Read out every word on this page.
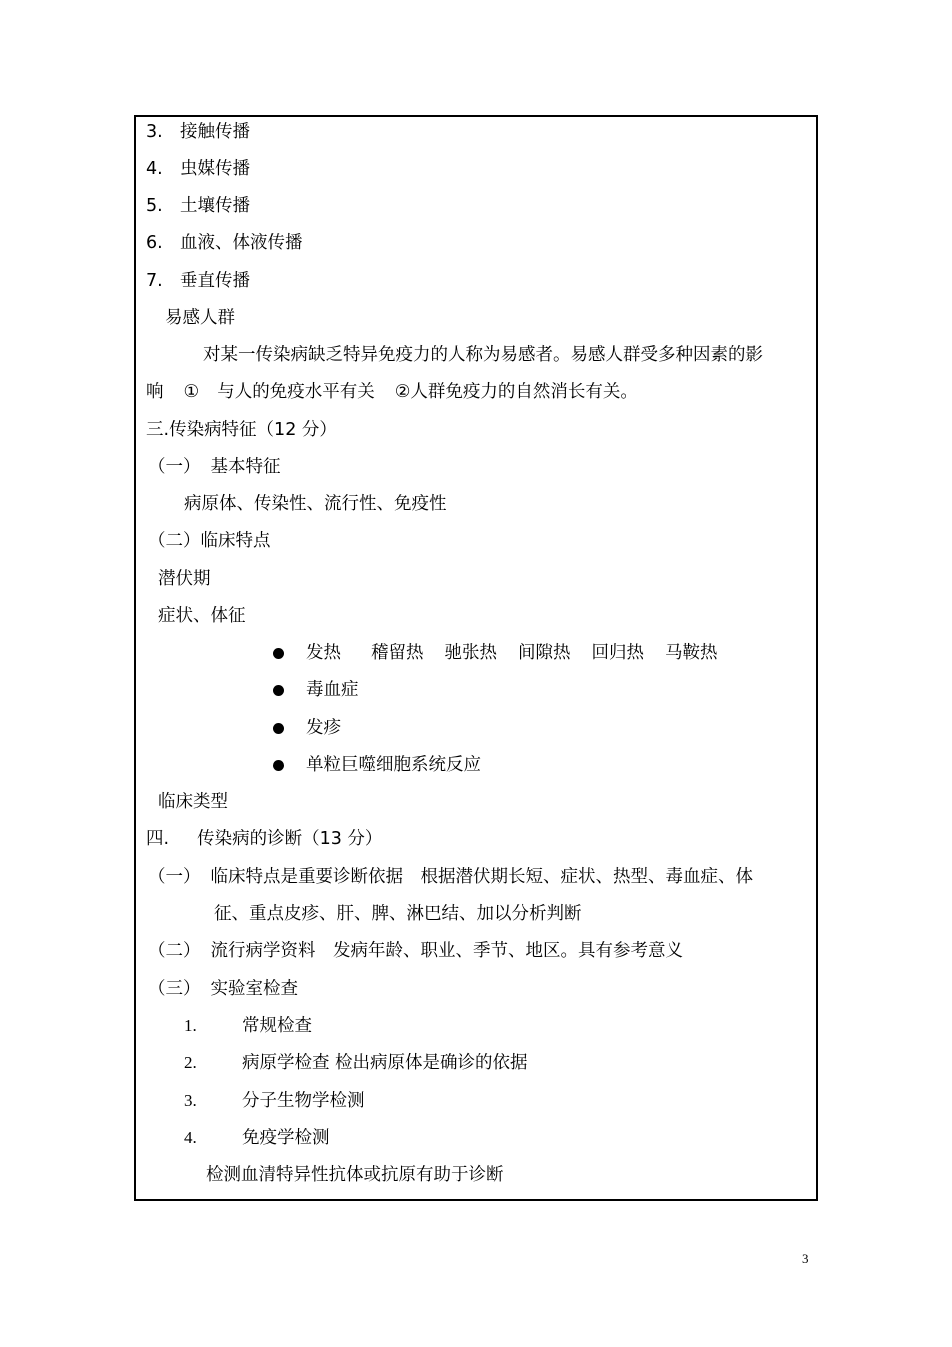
3. 接触传播
4. 虫媒传播
5. 土壤传播
6. 血液、体液传播
7. 垂直传播
易感人群
对某一传染病缺乏特异免疫力的人称为易感者。易感人群受多种因素的影
响 ① 与人的免疫水平有关 ②人群免疫力的自然消长有关。
三.传染病特征（12 分）
（一） 基本特征
病原体、传染性、流行性、免疫性
（二）临床特点
潜伏期
症状、体征
发热 稽留热 驰张热 间隙热 回归热 马鞍热
毒血症
发疹
单粒巨噬细胞系统反应
临床类型
四. 传染病的诊断（13 分）
（一） 临床特点是重要诊断依据　根据潜伏期长短、症状、热型、毒血症、体
征、重点皮疹、肝、脾、淋巴结、加以分析判断
（二） 流行病学资料　发病年龄、职业、季节、地区。具有参考意义
（三） 实验室检查
1.	常规检查
2.	病原学检查 检出病原体是确诊的依据
3.	分子生物学检测
4.	免疫学检测
检测血清特异性抗体或抗原有助于诊断
3
